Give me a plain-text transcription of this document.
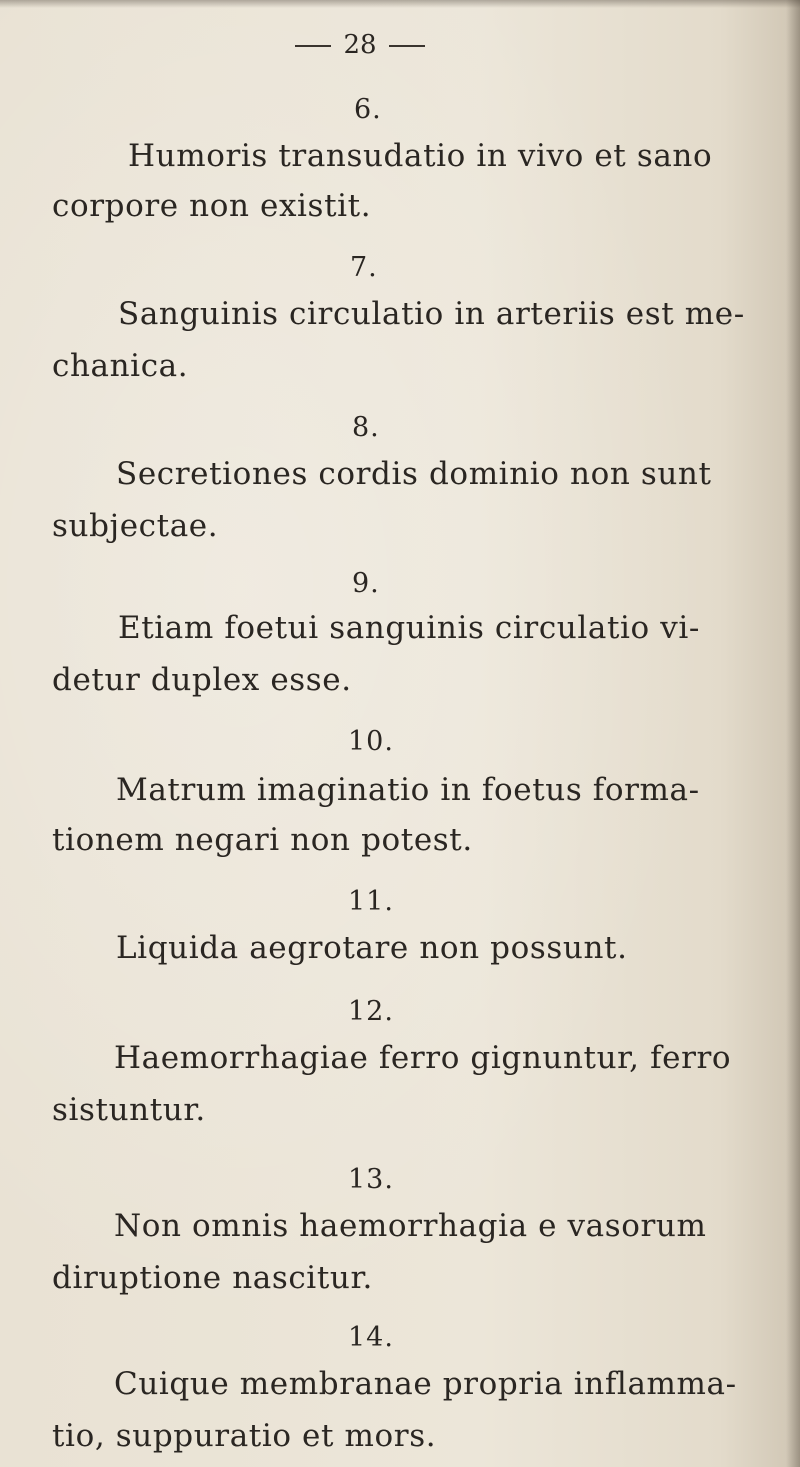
28
6.
Humoris transudatio in vivo et sano
corpore non existit.
7.
Sanguinis circulatio in arteriis est me-
chanica.
8.
Secretiones cordis dominio non sunt
subjectae.
9.
Etiam foetui sanguinis circulatio vi-
detur duplex esse.
10.
Matrum imaginatio in foetus forma-
tionem negari non potest.
11.
Liquida aegrotare non possunt.
12.
Haemorrhagiae ferro gignuntur, ferro
sistuntur.
13.
Non omnis haemorrhagia e vasorum
diruptione nascitur.
14.
Cuique membranae propria inflamma-
tio, suppuratio et mors.
